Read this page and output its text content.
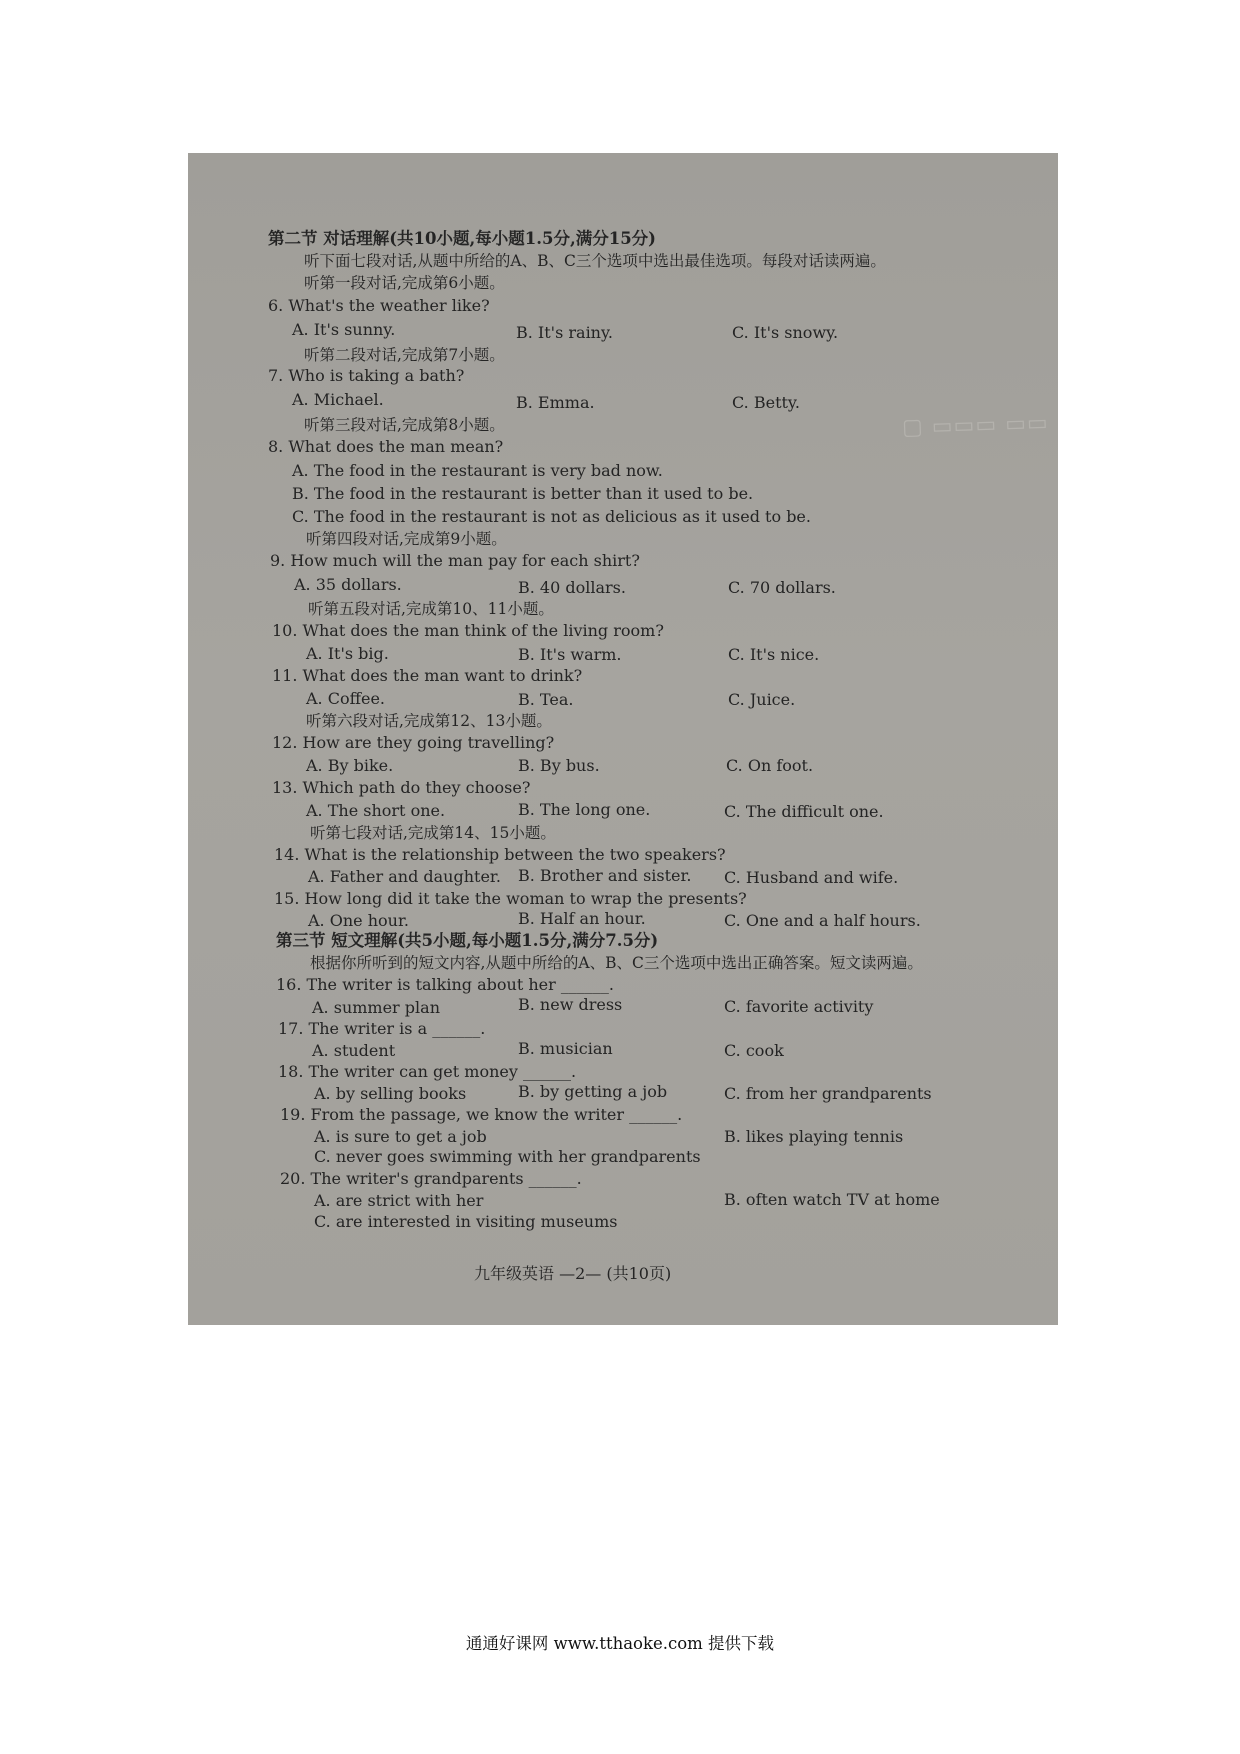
▢ ▭▭▭ ▭▭
第二节 对话理解(共10小题,每小题1.5分,满分15分)
听下面七段对话,从题中所给的A、B、C三个选项中选出最佳选项。每段对话读两遍。
听第一段对话,完成第6小题。
6. What's the weather like?
A. It's sunny.	B. It's rainy.	C. It's snowy.
听第二段对话,完成第7小题。
7. Who is taking a bath?
A. Michael.	B. Emma.	C. Betty.
听第三段对话,完成第8小题。
8. What does the man mean?
A. The food in the restaurant is very bad now.
B. The food in the restaurant is better than it used to be.
C. The food in the restaurant is not as delicious as it used to be.
听第四段对话,完成第9小题。
9. How much will the man pay for each shirt?
A. 35 dollars.	B. 40 dollars.	C. 70 dollars.
听第五段对话,完成第10、11小题。
10. What does the man think of the living room?
A. It's big.	B. It's warm.	C. It's nice.
11. What does the man want to drink?
A. Coffee.	B. Tea.	C. Juice.
听第六段对话,完成第12、13小题。
12. How are they going travelling?
A. By bike.	B. By bus.	C. On foot.
13. Which path do they choose?
A. The short one.	B. The long one.	C. The difficult one.
听第七段对话,完成第14、15小题。
14. What is the relationship between the two speakers?
A. Father and daughter. B. Brother and sister. C. Husband and wife.
15. How long did it take the woman to wrap the presents?
A. One hour.	B. Half an hour.	C. One and a half hours.
第三节 短文理解(共5小题,每小题1.5分,满分7.5分)
根据你所听到的短文内容,从题中所给的A、B、C三个选项中选出正确答案。短文读两遍。
16. The writer is talking about her ______.
A. summer plan	B. new dress	C. favorite activity
17. The writer is a ______.
A. student	B. musician	C. cook
18. The writer can get money ______.
A. by selling books	B. by getting a job	C. from her grandparents
19. From the passage, we know the writer ______.
A. is sure to get a job	B. likes playing tennis
C. never goes swimming with her grandparents
20. The writer's grandparents ______.
A. are strict with her	B. often watch TV at home
C. are interested in visiting museums
九年级英语 —2— (共10页)
通通好课网 www.tthaoke.com 提供下载
